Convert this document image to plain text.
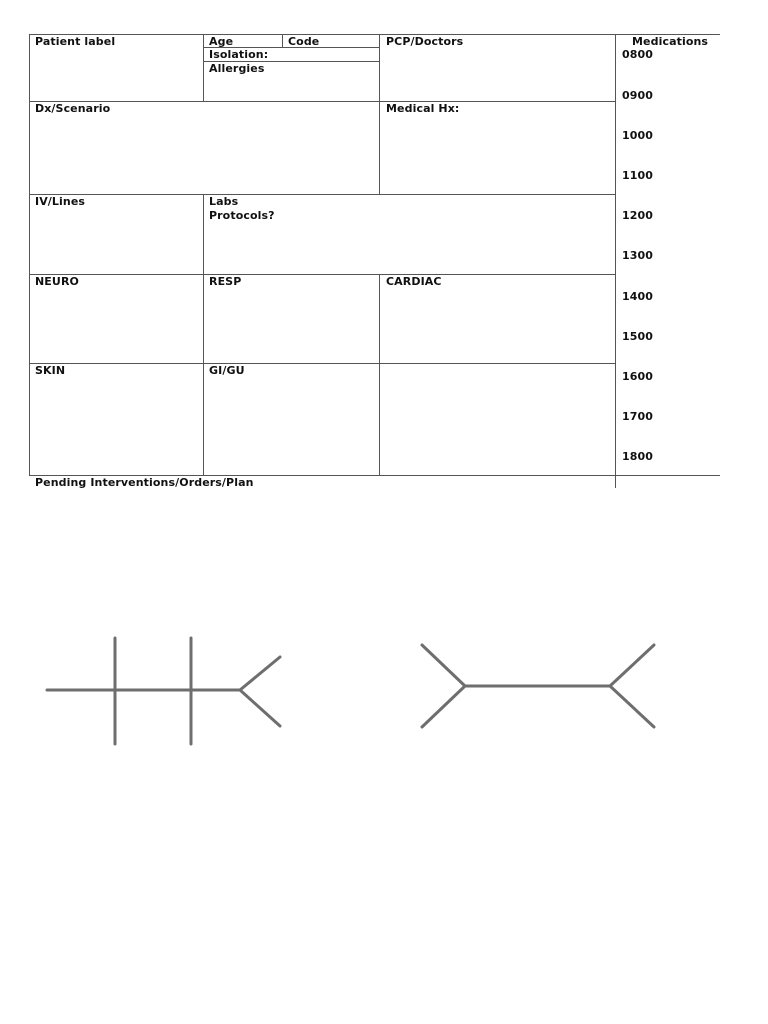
Patient label	Age	Code
Isolation:
Allergies
PCP/Doctors	Medications
Dx/Scenario	Medical Hx:
IV/Lines	Labs
Protocols?
NEURO	RESP	CARDIAC
SKIN	GI/GU
Pending Interventions/Orders/Plan
0800
0900
1000
1100
1200
1300
1400
1500
1600
1700
1800
